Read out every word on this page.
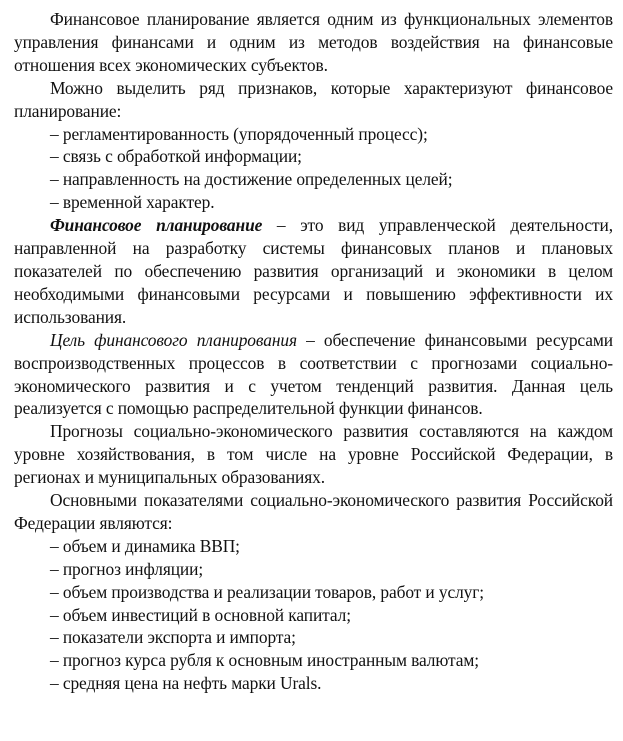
Финансовое планирование является одним из функциональных элементов управления финансами и одним из методов воздействия на финансовые отношения всех экономических субъектов.

Можно выделить ряд признаков, которые характеризуют финансовое планирование:

– регламентированность (упорядоченный процесс);
– связь с обработкой информации;
– направленность на достижение определенных целей;
– временной характер.

Финансовое планирование – это вид управленческой деятельности, направленной на разработку системы финансовых планов и плановых показателей по обеспечению развития организаций и экономики в целом необходимыми финансовыми ресурсами и повышению эффективности их использования.

Цель финансового планирования – обеспечение финансовыми ресурсами воспроизводственных процессов в соответствии с прогнозами социально-экономического развития и с учетом тенденций развития. Данная цель реализуется с помощью распределительной функции финансов.

Прогнозы социально-экономического развития составляются на каждом уровне хозяйствования, в том числе на уровне Российской Федерации, в регионах и муниципальных образованиях.

Основными показателями социально-экономического развития Российской Федерации являются:

– объем и динамика ВВП;
– прогноз инфляции;
– объем производства и реализации товаров, работ и услуг;
– объем инвестиций в основной капитал;
– показатели экспорта и импорта;
– прогноз курса рубля к основным иностранным валютам;
– средняя цена на нефть марки Urals.
